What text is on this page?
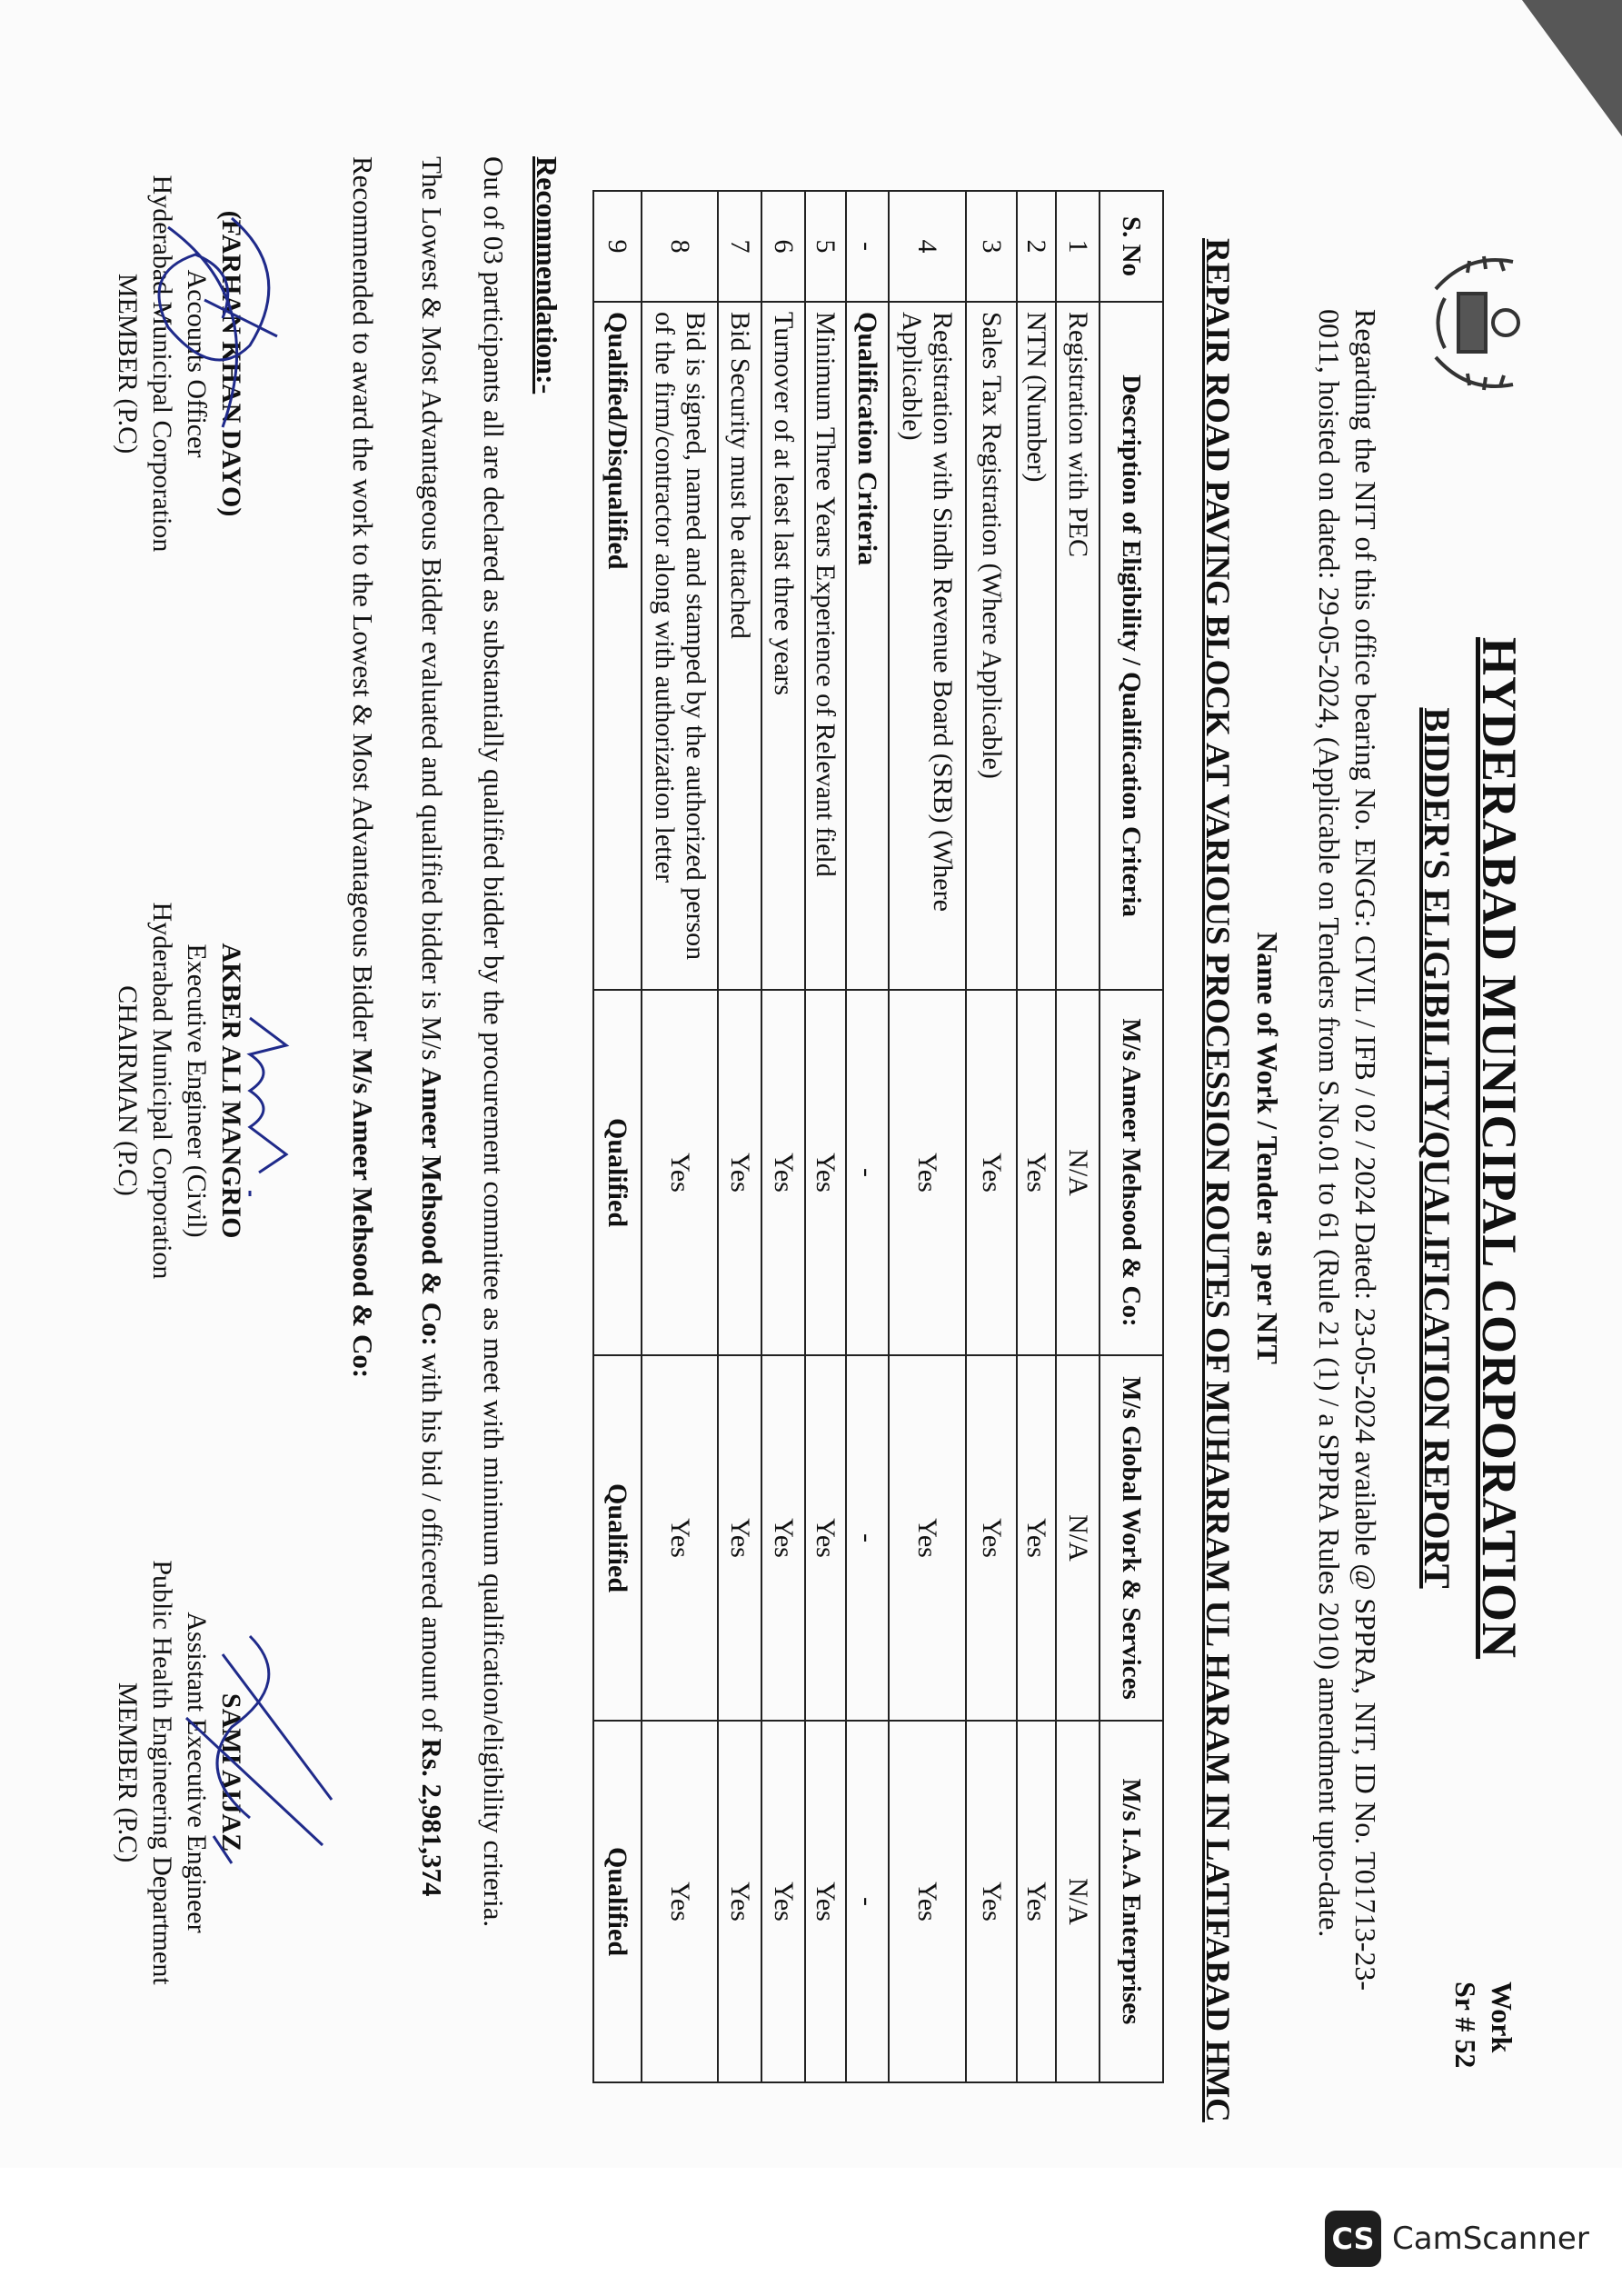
HYDERABAD MUNICIPAL CORPORATION
BIDDER'S ELIGIBILITY/QUALIFICATION REPORT
Work
Sr # 52
Regarding the NIT of this office bearing No. ENGG: CIVIL / IFB / 02 / 2024 Dated: 23-05-2024 available @ SPPRA, NIT, ID No. T01713-23-0011, hoisted on dated: 29-05-2024, (Applicable on Tenders from S.No.01 to 61 (Rule 21 (1) / a SPPRA Rules 2010) amendment upto-date.
Name of Work / Tender as per NIT
REPAIR ROAD PAVING BLOCK AT VARIOUS PROCESSION ROUTES OF MUHARRAM UL HARAM IN LATIFABAD HMC
S. No	Description of Eligibility / Qualification Criteria	M/s Ameer Mehsood & Co:	M/s Global Work & Services	M/s I.A.A Enterprises
1	Registration with PEC	N/A	N/A	N/A
2	NTN (Number)	Yes	Yes	Yes
3	Sales Tax Registration (Where Applicable)	Yes	Yes	Yes
4	Registration with Sindh Revenue Board (SRB) (Where Applicable)	Yes	Yes	Yes
-	Qualification Criteria	-	-	-
5	Minimum Three Years Experience of Relevant field	Yes	Yes	Yes
6	Turnover of at least last three years	Yes	Yes	Yes
7	Bid Security must be attached	Yes	Yes	Yes
8	Bid is signed, named and stamped by the authorized person of the firm/contractor along with authorization letter	Yes	Yes	Yes
9	Qualified/Disqualified	Qualified	Qualified	Qualified
Recommendation:-
Out of 03 participants all are declared as substantially qualified bidder by the procurement committee as meet with minimum qualification/eligibility criteria.
The Lowest & Most Advantageous Bidder evaluated and qualified bidder is M/s Ameer Mehsood & Co: with his bid / officered amount of Rs. 2,981,374
Recommended to award the work to the Lowest & Most Advantageous Bidder M/s Ameer Mehsood & Co:
(FARHAN KHAN DAYO)
Accounts Officer
Hyderabad Municipal Corporation
MEMBER (P.C)
AKBER ALI MANGRIO
Executive Engineer (Civil)
Hyderabad Municipal Corporation
CHAIRMAN (P.C)
SAMI AIJAZ
Assistant Executive Engineer
Public Health Engineering Department
MEMBER (P.C)
CS CamScanner
